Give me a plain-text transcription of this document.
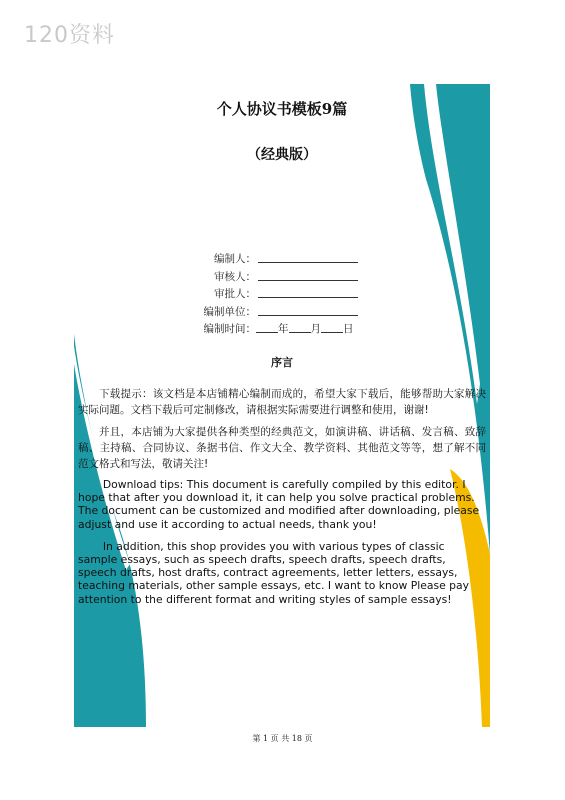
120资料
个人协议书模板9篇
（经典版）
编制人：
审核人：
审批人：
编制单位：
编制时间： 年 月 日
序言

下载提示：该文档是本店铺精心编制而成的，希望大家下载后，能够帮助大家解决实际问题。文档下载后可定制修改，请根据实际需要进行调整和使用，谢谢!

并且，本店铺为大家提供各种类型的经典范文，如演讲稿、讲话稿、发言稿、致辞稿、主持稿、合同协议、条据书信、作文大全、教学资料、其他范文等等，想了解不同范文格式和写法，敬请关注!

Download tips: This document is carefully compiled by this editor. I hope that after you download it, it can help you solve practical problems. The document can be customized and modified after downloading, please adjust and use it according to actual needs, thank you!

In addition, this shop provides you with various types of classic sample essays, such as speech drafts, speech drafts, speech drafts, speech drafts, host drafts, contract agreements, letter letters, essays, teaching materials, other sample essays, etc. I want to know Please pay attention to the different format and writing styles of sample essays!

第 1 页 共 18 页
